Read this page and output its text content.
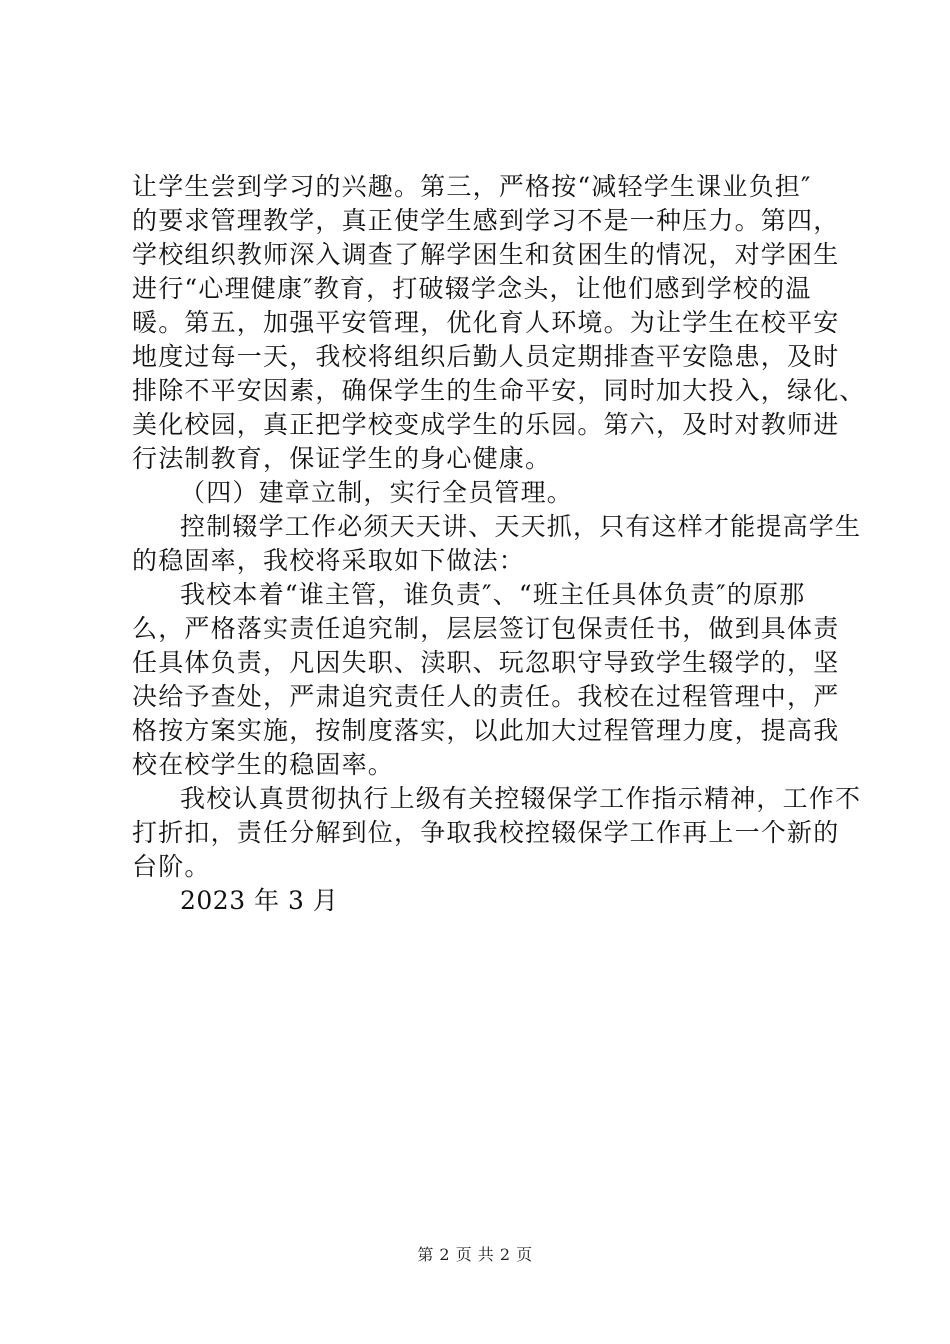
让学生尝到学习的兴趣。第三，严格按“减轻学生课业负担″
的要求管理教学，真正使学生感到学习不是一种压力。第四，
学校组织教师深入调查了解学困生和贫困生的情况，对学困生
进行“心理健康″教育，打破辍学念头，让他们感到学校的温
暖。第五，加强平安管理，优化育人环境。为让学生在校平安
地度过每一天，我校将组织后勤人员定期排查平安隐患，及时
排除不平安因素，确保学生的生命平安，同时加大投入，绿化、
美化校园，真正把学校变成学生的乐园。第六，及时对教师进
行法制教育，保证学生的身心健康。
（四）建章立制，实行全员管理。
控制辍学工作必须天天讲、天天抓，只有这样才能提高学生
的稳固率，我校将采取如下做法：
我校本着“谁主管，谁负责″、“班主任具体负责″的原那
么，严格落实责任追究制，层层签订包保责任书，做到具体责
任具体负责，凡因失职、渎职、玩忽职守导致学生辍学的，坚
决给予查处，严肃追究责任人的责任。我校在过程管理中，严
格按方案实施，按制度落实，以此加大过程管理力度，提高我
校在校学生的稳固率。
我校认真贯彻执行上级有关控辍保学工作指示精神，工作不
打折扣，责任分解到位，争取我校控辍保学工作再上一个新的
台阶。
2023 年 3 月
第 2 页 共 2 页
